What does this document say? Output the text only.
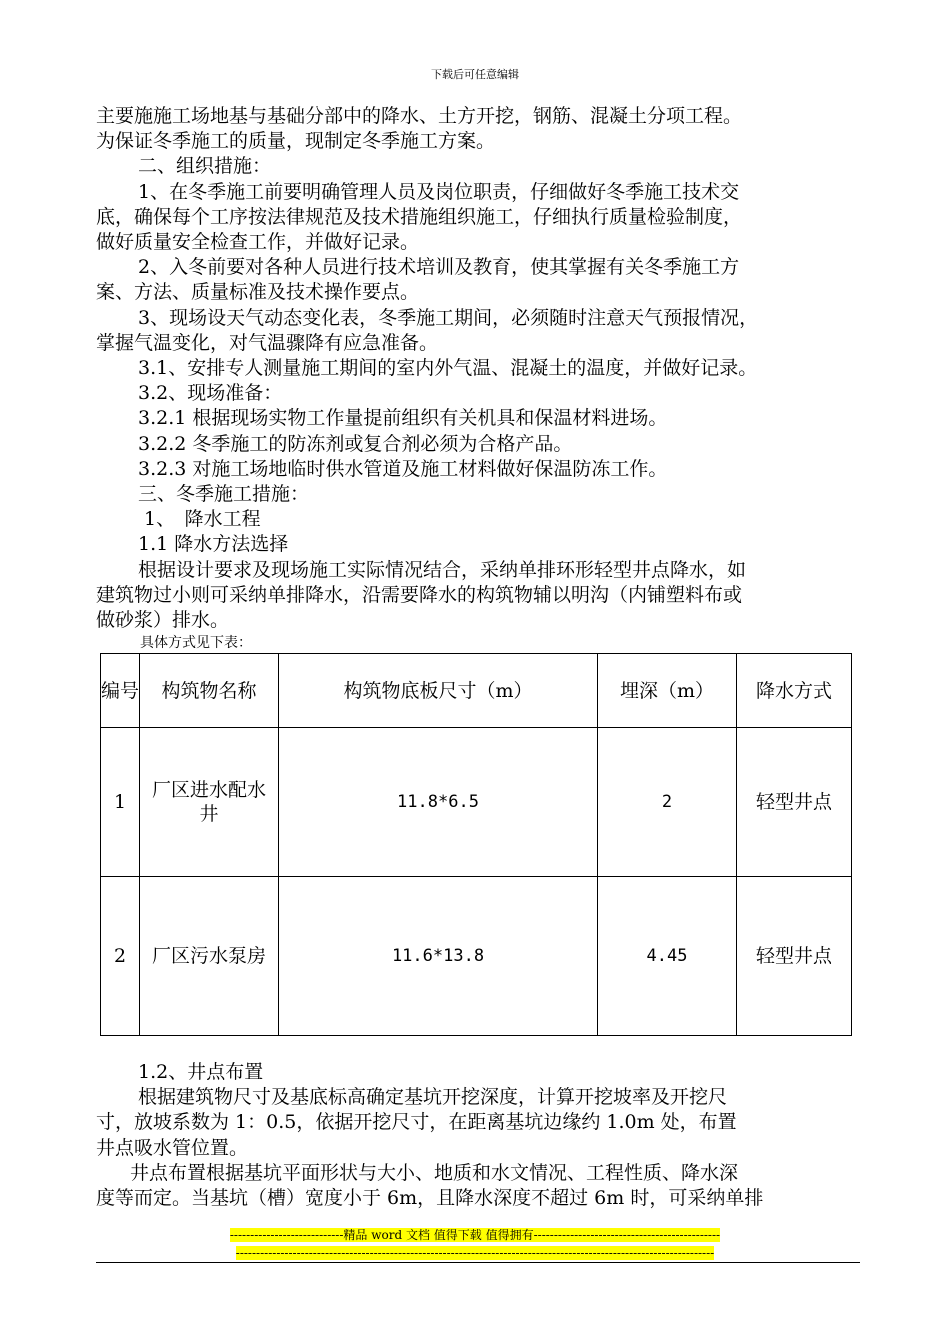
下载后可任意编辑

主要施施工场地基与基础分部中的降水、土方开挖，钢筋、混凝土分项工程。

为保证冬季施工的质量，现制定冬季施工方案。

二、组织措施：

1、在冬季施工前要明确管理人员及岗位职责，仔细做好冬季施工技术交

底，确保每个工序按法律规范及技术措施组织施工，仔细执行质量检验制度，

做好质量安全检查工作，并做好记录。

2、入冬前要对各种人员进行技术培训及教育，使其掌握有关冬季施工方

案、方法、质量标准及技术操作要点。

3、现场设天气动态变化表，冬季施工期间，必须随时注意天气预报情况，

掌握气温变化，对气温骤降有应急准备。

3.1、安排专人测量施工期间的室内外气温、混凝土的温度，并做好记录。

3.2、现场准备：

3.2.1 根据现场实物工作量提前组织有关机具和保温材料进场。

3.2.2 冬季施工的防冻剂或复合剂必须为合格产品。

3.2.3 对施工场地临时供水管道及施工材料做好保温防冻工作。

三、冬季施工措施：

1、　降水工程

1.1 降水方法选择

根据设计要求及现场施工实际情况结合，采纳单排环形轻型井点降水，如

建筑物过小则可采纳单排降水，沿需要降水的构筑物辅以明沟（内铺塑料布或

做砂浆）排水。

具体方式见下表：

编号	构筑物名称	构筑物底板尺寸（m）	埋深（m）	降水方式
1	厂区进水配水井	11.8*6.5	2	轻型井点
2	厂区污水泵房	11.6*13.8	4.45	轻型井点

1.2、井点布置

根据建筑物尺寸及基底标高确定基坑开挖深度，计算开挖坡率及开挖尺

寸，放坡系数为 1：0.5，依据开挖尺寸，在距离基坑边缘约 1.0m 处，布置

井点吸水管位置。

井点布置根据基坑平面形状与大小、地质和水文情况、工程性质、降水深

度等而定。当基坑（槽）宽度小于 6m，且降水深度不超过 6m 时，可采纳单排

----------------------------精品 word 文档 值得下载 值得拥有----------------------------------------------
----------------------------------------------------------------------------------------------------------------------
